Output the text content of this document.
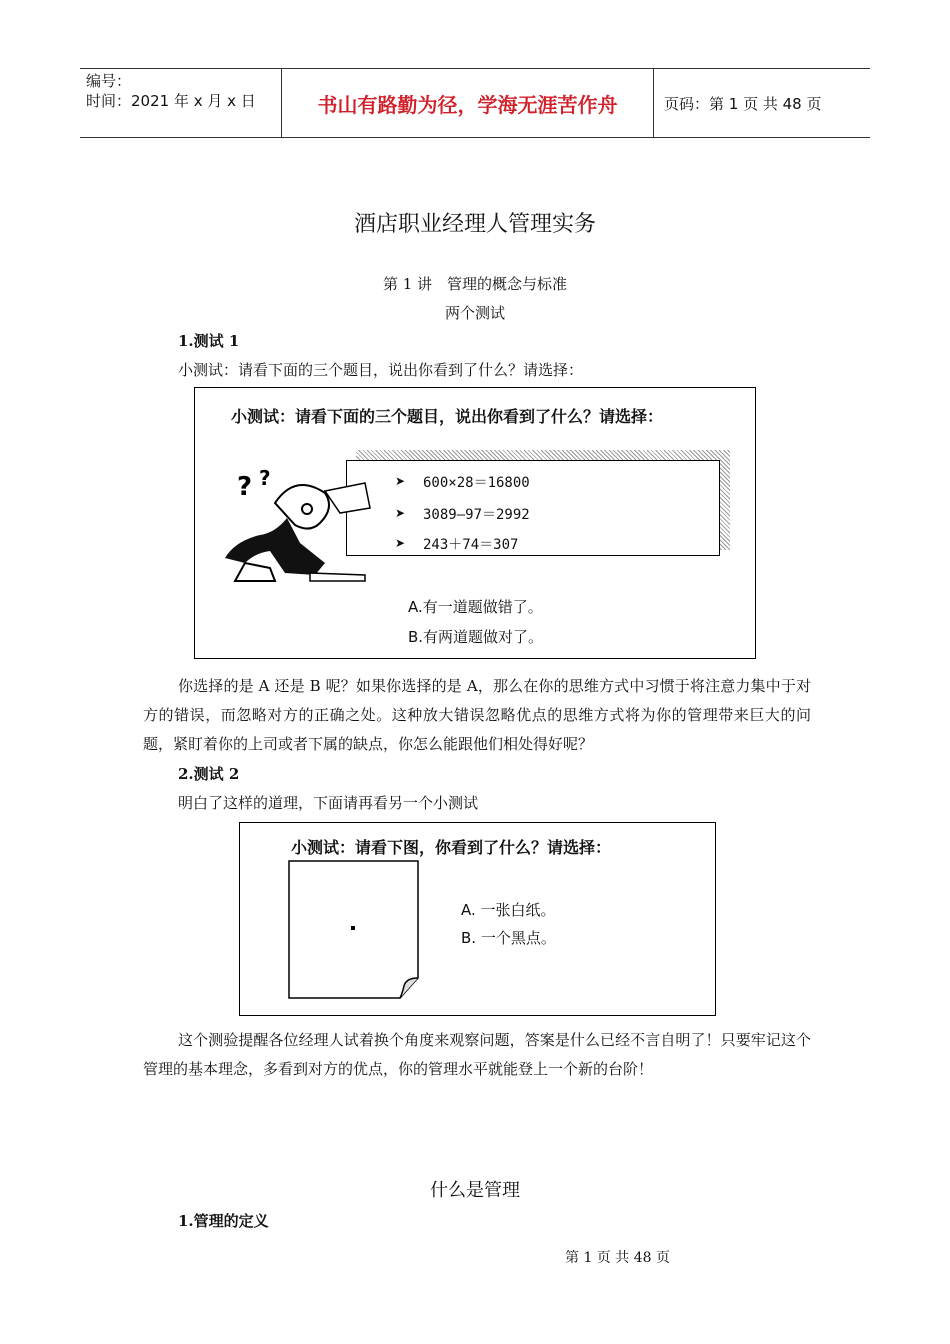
编号：
时间：2021 年 x 月 x 日	书山有路勤为径，学海无涯苦作舟	页码：第 1 页 共 48 页
酒店职业经理人管理实务
第 1 讲　管理的概念与标准
两个测试
1.测试 1
小测试：请看下面的三个题目，说出你看到了什么？请选择：
小测试：请看下面的三个题目，说出你看到了什么？请选择：
➤
➤
➤
600×28＝16800
3089—97＝2992
243＋74＝307
? ?
A.有一道题做错了。
B.有两道题做对了。
你选择的是 A 还是 B 呢？如果你选择的是 A，那么在你的思维方式中习惯于将注意力集中于对方的错误，而忽略对方的正确之处。这种放大错误忽略优点的思维方式将为你的管理带来巨大的问题，紧盯着你的上司或者下属的缺点，你怎么能跟他们相处得好呢？
2.测试 2
明白了这样的道理，下面请再看另一个小测试
小测试：请看下图，你看到了什么？请选择：
A. 一张白纸。
B. 一个黑点。
这个测验提醒各位经理人试着换个角度来观察问题，答案是什么已经不言自明了！只要牢记这个管理的基本理念，多看到对方的优点，你的管理水平就能登上一个新的台阶！
什么是管理
1.管理的定义
第 1 页 共 48 页
